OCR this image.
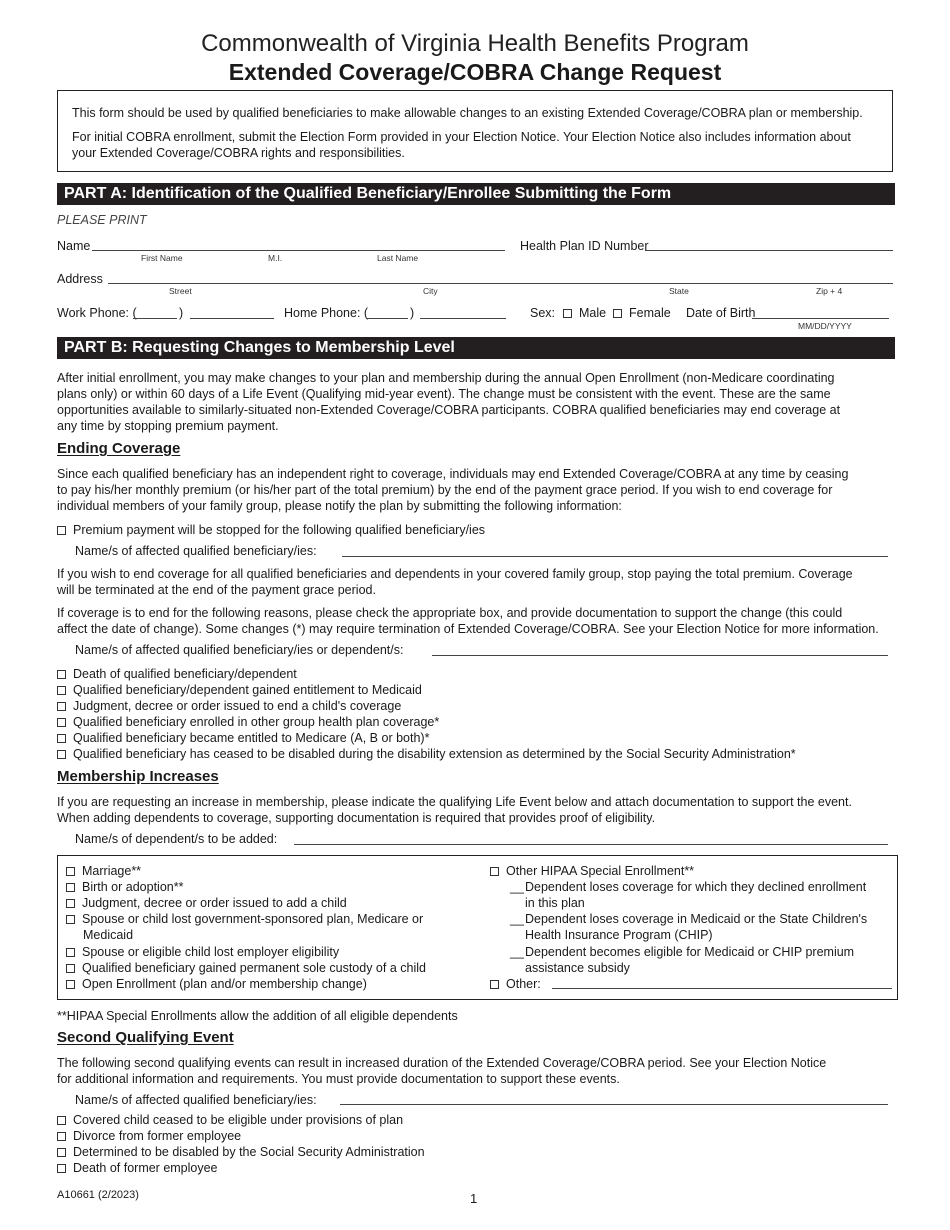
Commonwealth of Virginia Health Benefits Program
Extended Coverage/COBRA Change Request
This form should be used by qualified beneficiaries to make allowable changes to an existing Extended Coverage/COBRA plan or membership.
For initial COBRA enrollment, submit the Election Form provided in your Election Notice. Your Election Notice also includes information about
your Extended Coverage/COBRA rights and responsibilities.
PART A: Identification of the Qualified Beneficiary/Enrollee Submitting the Form
PLEASE PRINT
Name
First Name	M.I.	Last Name
Health Plan ID Number
Address
Street	City	State	Zip + 4
Work Phone: (	)	Home Phone: (	)	Sex:	Male	Female Date of Birth
MM/DD/YYYY
PART B: Requesting Changes to Membership Level
After initial enrollment, you may make changes to your plan and membership during the annual Open Enrollment (non-Medicare coordinating
plans only) or within 60 days of a Life Event (Qualifying mid-year event). The change must be consistent with the event. These are the same
opportunities available to similarly-situated non-Extended Coverage/COBRA participants. COBRA qualified beneficiaries may end coverage at
any time by stopping premium payment.
Ending Coverage
Since each qualified beneficiary has an independent right to coverage, individuals may end Extended Coverage/COBRA at any time by ceasing
to pay his/her monthly premium (or his/her part of the total premium) by the end of the payment grace period. If you wish to end coverage for
individual members of your family group, please notify the plan by submitting the following information:
Premium payment will be stopped for the following qualified beneficiary/ies
Name/s of affected qualified beneficiary/ies:
If you wish to end coverage for all qualified beneficiaries and dependents in your covered family group, stop paying the total premium. Coverage
will be terminated at the end of the payment grace period.
If coverage is to end for the following reasons, please check the appropriate box, and provide documentation to support the change (this could
affect the date of change). Some changes (*) may require termination of Extended Coverage/COBRA. See your Election Notice for more information.
Name/s of affected qualified beneficiary/ies or dependent/s:
Death of qualified beneficiary/dependent
Qualified beneficiary/dependent gained entitlement to Medicaid
Judgment, decree or order issued to end a child's coverage
Qualified beneficiary enrolled in other group health plan coverage*
Qualified beneficiary became entitled to Medicare (A, B or both)*
Qualified beneficiary has ceased to be disabled during the disability extension as determined by the Social Security Administration*
Membership Increases
If you are requesting an increase in membership, please indicate the qualifying Life Event below and attach documentation to support the event.
When adding dependents to coverage, supporting documentation is required that provides proof of eligibility.
Name/s of dependent/s to be added:
Marriage**
Birth or adoption**
Judgment, decree or order issued to add a child
Spouse or child lost government-sponsored plan, Medicare or
Medicaid
Spouse or eligible child lost employer eligibility
Qualified beneficiary gained permanent sole custody of a child
Open Enrollment (plan and/or membership change)
Other HIPAA Special Enrollment**
__ Dependent loses coverage for which they declined enrollment
in this plan
__ Dependent loses coverage in Medicaid or the State Children's
Health Insurance Program (CHIP)
__ Dependent becomes eligible for Medicaid or CHIP premium
assistance subsidy
Other:
**HIPAA Special Enrollments allow the addition of all eligible dependents
Second Qualifying Event
The following second qualifying events can result in increased duration of the Extended Coverage/COBRA period. See your Election Notice
for additional information and requirements. You must provide documentation to support these events.
Name/s of affected qualified beneficiary/ies:
Covered child ceased to be eligible under provisions of plan
Divorce from former employee
Determined to be disabled by the Social Security Administration
Death of former employee
A10661 (2/2023)	1
